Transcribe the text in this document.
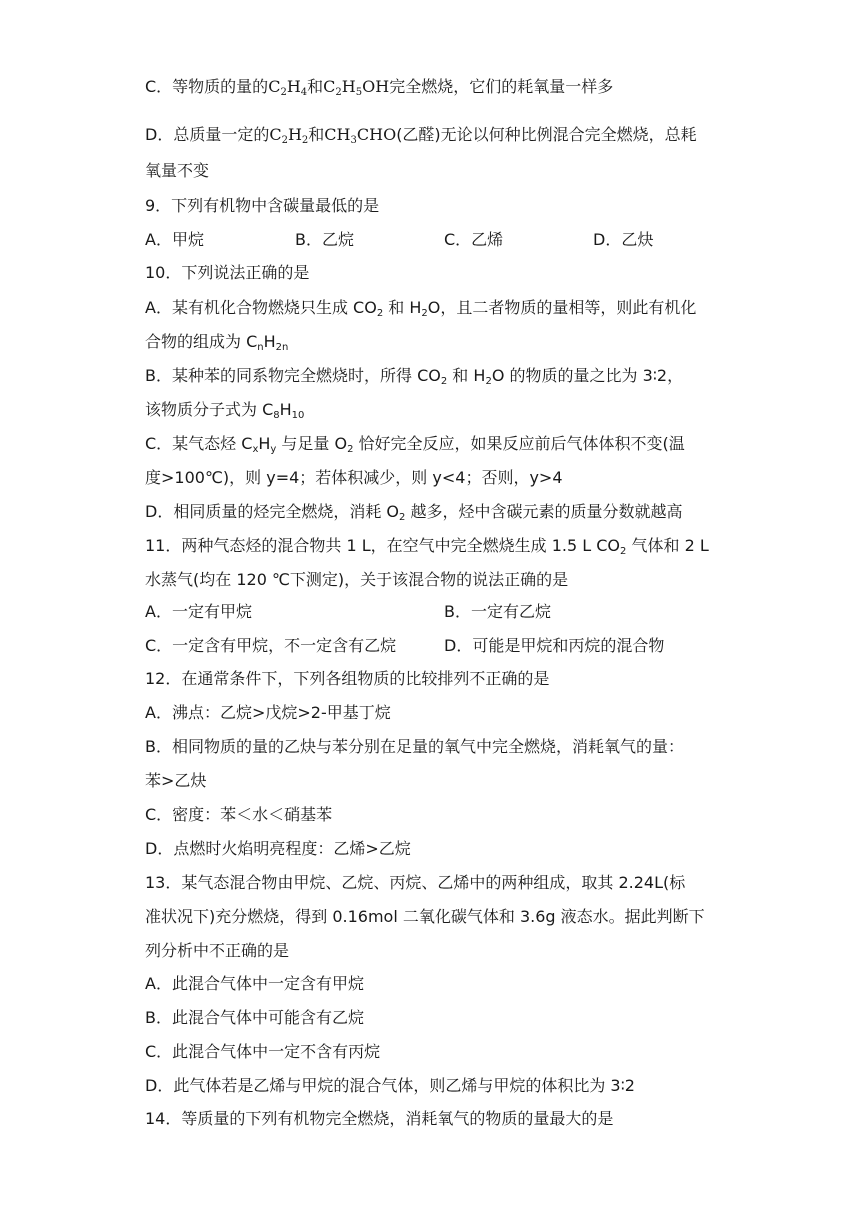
C．等物质的量的$C_2H_4$和$C_2H_5OH$完全燃烧，它们的耗氧量一样多

D．总质量一定的$C_2H_2$和$CH_3CHO$(乙醛)无论以何种比例混合完全燃烧，总耗

氧量不变

9．下列有机物中含碳量最低的是

A．甲烷	B．乙烷	C．乙烯	D．乙炔

10．下列说法正确的是

A．某有机化合物燃烧只生成 $CO_2$ 和 $H_2O$，且二者物质的量相等，则此有机化

合物的组成为 $C_nH_{2n}$

B．某种苯的同系物完全燃烧时，所得 $CO_2$ 和 $H_2O$ 的物质的量之比为 3∶2，

该物质分子式为 $C_8H_{10}$

C．某气态烃 $C_xH_y$ 与足量 $O_2$ 恰好完全反应，如果反应前后气体体积不变(温

度>100℃)，则 y=4；若体积减少，则 y<4；否则，y>4

D．相同质量的烃完全燃烧，消耗 $O_2$ 越多，烃中含碳元素的质量分数就越高

11．两种气态烃的混合物共 1 L，在空气中完全燃烧生成 1.5 L $CO_2$ 气体和 2 L

水蒸气(均在 120 ℃下测定)，关于该混合物的说法正确的是

A．一定有甲烷	B．一定有乙烷

C．一定含有甲烷，不一定含有乙烷	D．可能是甲烷和丙烷的混合物

12．在通常条件下，下列各组物质的比较排列不正确的是

A．沸点：乙烷>戊烷>2-甲基丁烷

B．相同物质的量的乙炔与苯分别在足量的氧气中完全燃烧，消耗氧气的量：

苯>乙炔

C．密度：苯＜水＜硝基苯

D．点燃时火焰明亮程度：乙烯>乙烷

13．某气态混合物由甲烷、乙烷、丙烷、乙烯中的两种组成，取其 2.24L(标

准状况下)充分燃烧，得到 0.16mol 二氧化碳气体和 3.6g 液态水。据此判断下

列分析中不正确的是

A．此混合气体中一定含有甲烷

B．此混合气体中可能含有乙烷

C．此混合气体中一定不含有丙烷

D．此气体若是乙烯与甲烷的混合气体，则乙烯与甲烷的体积比为 3∶2

14．等质量的下列有机物完全燃烧，消耗氧气的物质的量最大的是
